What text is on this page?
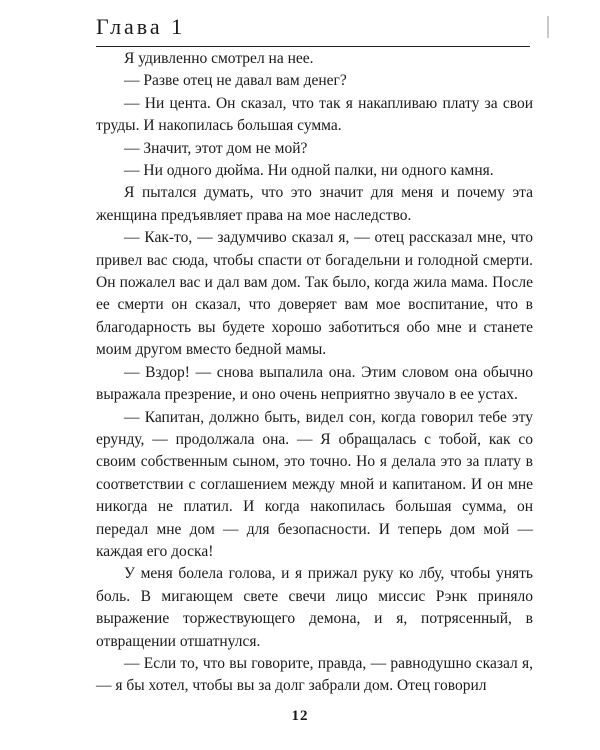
Глава 1

Я удивленно смотрел на нее.

— Разве отец не давал вам денег?

— Ни цента. Он сказал, что так я накапливаю плату за свои труды. И накопилась большая сумма.

— Значит, этот дом не мой?

— Ни одного дюйма. Ни одной палки, ни одного камня.

Я пытался думать, что это значит для меня и почему эта женщина предъявляет права на мое наследство.

— Как-то, — задумчиво сказал я, — отец рассказал мне, что привел вас сюда, чтобы спасти от богадельни и голодной смерти. Он пожалел вас и дал вам дом. Так было, когда жила мама. После ее смерти он сказал, что доверяет вам мое воспитание, что в благодарность вы будете хорошо заботиться обо мне и станете моим другом вместо бедной мамы.

— Вздор! — снова выпалила она. Этим словом она обычно выражала презрение, и оно очень неприятно звучало в ее устах.

— Капитан, должно быть, видел сон, когда говорил тебе эту ерунду, — продолжала она. — Я обращалась с тобой, как со своим собственным сыном, это точно. Но я делала это за плату в соответствии с соглашением между мной и капитаном. И он мне никогда не платил. И когда накопилась большая сумма, он передал мне дом — для безопасности. И теперь дом мой — каждая его доска!

У меня болела голова, и я прижал руку ко лбу, чтобы унять боль. В мигающем свете свечи лицо миссис Рэнк приняло выражение торжествующего демона, и я, потрясенный, в отвращении отшатнулся.

— Если то, что вы говорите, правда, — равнодушно сказал я, — я бы хотел, чтобы вы за долг забрали дом. Отец говорил

12
